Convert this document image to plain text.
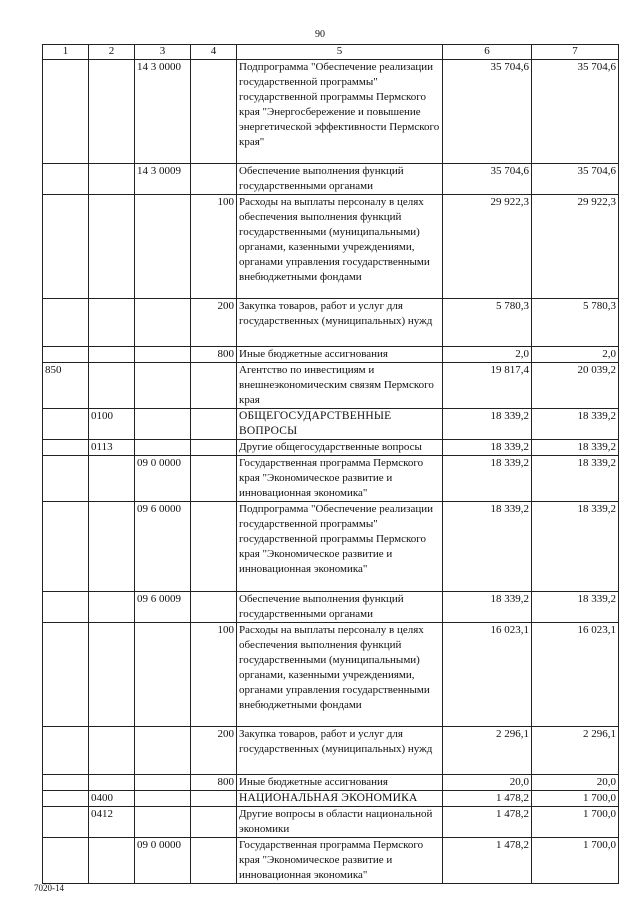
90
1	2	3	4	5	6	7
		14 3 0000		Подпрограмма "Обеспечение реализации государственной программы" государственной программы Пермского края "Энергосбережение и повышение энергетической эффективности Пермского края"	35 704,6	35 704,6
		14 3 0009		Обеспечение выполнения функций государственными органами	35 704,6	35 704,6
			100	Расходы на выплаты персоналу в целях обеспечения выполнения функций государственными (муниципальными) органами, казенными учреждениями, органами управления государственными внебюджетными фондами	29 922,3	29 922,3
			200	Закупка товаров, работ и услуг для государственных (муниципальных) нужд	5 780,3	5 780,3
			800	Иные бюджетные ассигнования	2,0	2,0
850				Агентство по инвестициям и внешнеэкономическим связям Пермского края	19 817,4	20 039,2
	0100			ОБЩЕГОСУДАРСТВЕННЫЕ ВОПРОСЫ	18 339,2	18 339,2
	0113			Другие общегосударственные вопросы	18 339,2	18 339,2
		09 0 0000		Государственная программа Пермского края "Экономическое развитие и инновационная экономика"	18 339,2	18 339,2
		09 6 0000		Подпрограмма "Обеспечение реализации государственной программы" государственной программы Пермского края "Экономическое развитие и инновационная экономика"	18 339,2	18 339,2
		09 6 0009		Обеспечение выполнения функций государственными органами	18 339,2	18 339,2
			100	Расходы на выплаты персоналу в целях обеспечения выполнения функций государственными (муниципальными) органами, казенными учреждениями, органами управления государственными внебюджетными фондами	16 023,1	16 023,1
			200	Закупка товаров, работ и услуг для государственных (муниципальных) нужд	2 296,1	2 296,1
			800	Иные бюджетные ассигнования	20,0	20,0
	0400			НАЦИОНАЛЬНАЯ ЭКОНОМИКА	1 478,2	1 700,0
	0412			Другие вопросы в области национальной экономики	1 478,2	1 700,0
		09 0 0000		Государственная программа Пермского края "Экономическое развитие и инновационная экономика"	1 478,2	1 700,0
7020-14
